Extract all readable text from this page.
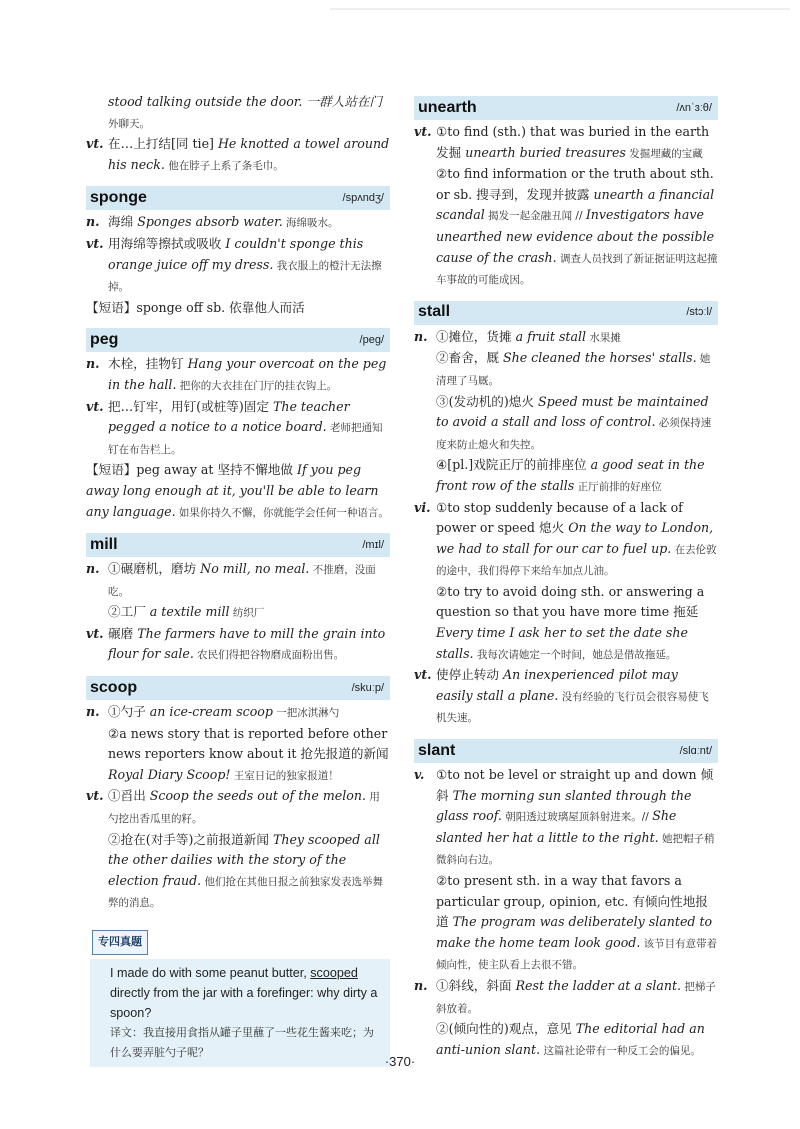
stood talking outside the door. 一群人站在门 外聊天。
vt. 在…上打结[同 tie] He knotted a towel around his neck. 他在脖子上系了条毛巾。
sponge	/spʌndʒ/
n. 海绵 Sponges absorb water. 海绵吸水。
vt. 用海绵等擦拭或吸收 I couldn't sponge this orange juice off my dress. 我衣服上的橙汁无法擦掉。
【短语】sponge off sb. 依靠他人而活
peg	/peg/
n. 木栓，挂物钉 Hang your overcoat on the peg in the hall. 把你的大衣挂在门厅的挂衣钩上。
vt. 把…钉牢，用钉(或桩等)固定 The teacher pegged a notice to a notice board. 老师把通知钉在布告栏上。
【短语】peg away at 坚持不懈地做 If you peg away long enough at it, you'll be able to learn any language. 如果你持久不懈，你就能学会任何一种语言。
mill	/mɪl/
n. ①碾磨机，磨坊 No mill, no meal. 不推磨，没面吃。
②工厂 a textile mill 纺织厂
vt. 碾磨 The farmers have to mill the grain into flour for sale. 农民们得把谷物磨成面粉出售。
scoop	/skuːp/
n. ①勺子 an ice-cream scoop 一把冰淇淋勺
②a news story that is reported before other news reporters know about it 抢先报道的新闻 Royal Diary Scoop! 王室日记的独家报道！
vt. ①舀出 Scoop the seeds out of the melon. 用勺挖出香瓜里的籽。
②抢在(对手等)之前报道新闻 They scooped all the other dailies with the story of the election fraud. 他们抢在其他日报之前独家发表选举舞弊的消息。
专四真题
I made do with some peanut butter, scooped directly from the jar with a forefinger: why dirty a spoon?
译文：我直接用食指从罐子里蘸了一些花生酱来吃；为什么要弄脏勺子呢？
unearth	/ʌnˈɜːθ/
vt. ①to find (sth.) that was buried in the earth 发掘 unearth buried treasures 发掘埋藏的宝藏
②to find information or the truth about sth. or sb. 搜寻到，发现并披露 unearth a financial scandal 揭发一起金融丑闻 // Investigators have unearthed new evidence about the possible cause of the crash. 调查人员找到了新证据证明这起撞车事故的可能成因。
stall	/stɔːl/
n. ①摊位，货摊 a fruit stall 水果摊
②畜舍，厩 She cleaned the horses' stalls. 她清理了马厩。
③(发动机的)熄火 Speed must be maintained to avoid a stall and loss of control. 必须保持速度来防止熄火和失控。
④[pl.]戏院正厅的前排座位 a good seat in the front row of the stalls 正厅前排的好座位
vi. ①to stop suddenly because of a lack of power or speed 熄火 On the way to London, we had to stall for our car to fuel up. 在去伦敦的途中，我们得停下来给车加点儿油。
②to try to avoid doing sth. or answering a question so that you have more time 拖延 Every time I ask her to set the date she stalls. 我每次请她定一个时间，她总是借故拖延。
vt. 使停止转动 An inexperienced pilot may easily stall a plane. 没有经验的飞行员会很容易使飞机失速。
slant	/slɑːnt/
v. ①to not be level or straight up and down 倾斜 The morning sun slanted through the glass roof. 朝阳透过玻璃屋顶斜射进来。// She slanted her hat a little to the right. 她把帽子稍微斜向右边。
②to present sth. in a way that favors a particular group, opinion, etc. 有倾向性地报道 The program was deliberately slanted to make the home team look good. 该节目有意带着倾向性，使主队看上去很不错。
n. ①斜线，斜面 Rest the ladder at a slant. 把梯子斜放着。
②(倾向性的)观点，意见 The editorial had an anti-union slant. 这篇社论带有一种反工会的偏见。
·370·
